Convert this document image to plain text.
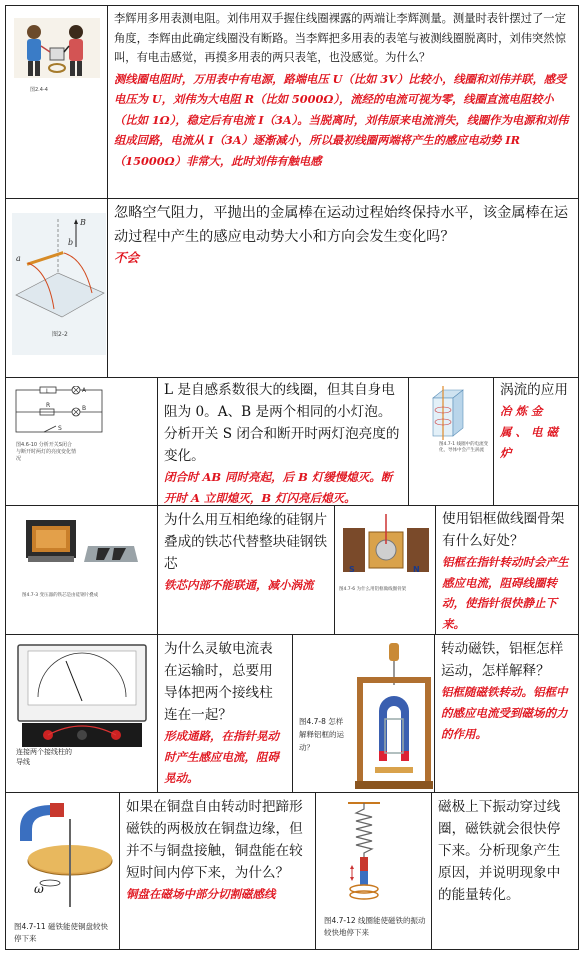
图2.4-4
李辉用多用表测电阻。刘伟用双手握住线圈裸露的两端让李辉测量。测量时表针摆过了一定角度，李辉由此确定线圈没有断路。当李辉把多用表的表笔与被测线圈脱离时，刘伟突然惊叫，有电击感觉，再摸多用表的两只表笔，也没感觉。为什么？
测线圈电阻时，万用表中有电源，路端电压 U（比如 3V）比较小，线圈和刘伟并联，感受电压为 U，刘伟为大电阻 R（比如 5000Ω），流经的电流可视为零，线圈直流电阻较小（比如 1Ω），稳定后有电流 I（3A）。当脱离时，刘伟原来电流消失，线圈作为电源和刘伟组成回路，电流从 I（3A）逐渐减小，所以最初线圈两端将产生的感应电动势 IR（15000Ω）非常大，此时刘伟有触电感
a
b
B
图2-2
忽略空气阻力，平抛出的金属棒在运动过程始终保持水平，该金属棒在运动过程中产生的感应电动势大小和方向会发生变化吗？
不会
L	A
B
R
S
图4.6-10 分析开关S闭合与断开时两灯的亮度变化情况
L 是自感系数很大的线圈，但其自身电阻为 0。A、B 是两个相同的小灯泡。分析开关 S 闭合和断开时两灯泡亮度的变化。
闭合时 AB 同时亮起，后 B 灯缓慢熄灭。断开时 A 立即熄灭，B 灯闪亮后熄灭。
图4.7-1 线圈中的电流变化，导体中会产生涡流
涡流的应用
冶炼金属、电磁炉
图4.7-3 变压器的铁芯是由硅钢片叠成
为什么用互相绝缘的硅钢片叠成的铁芯代替整块硅钢铁芯
铁芯内部不能联通，减小涡流
S	N
图4.7-6 为什么用铝框做线圈骨架
使用铝框做线圈骨架有什么好处？
铝框在指针转动时会产生感应电流，阻碍线圈转动，使指针很快静止下来。
连接两个接线柱的导线
为什么灵敏电流表在运输时，总要用导体把两个接线柱连在一起？
形成通路，在指针晃动时产生感应电流，阻碍晃动。
图4.7-8 怎样解释铝框的运动？
转动磁铁，铝框怎样运动，怎样解释？
铝框随磁铁转动。铝框中的感应电流受到磁场的力的作用。
ω
图4.7-11 磁铁能使铜盘较快停下来
如果在铜盘自由转动时把蹄形磁铁的两极放在铜盘边缘，但并不与铜盘接触，铜盘能在较短时间内停下来，为什么？
铜盘在磁场中部分切割磁感线
图4.7-12 线圈能使磁铁的振动较快地停下来
磁极上下振动穿过线圈，磁铁就会很快停下来。分析现象产生原因，并说明现象中的能量转化。
